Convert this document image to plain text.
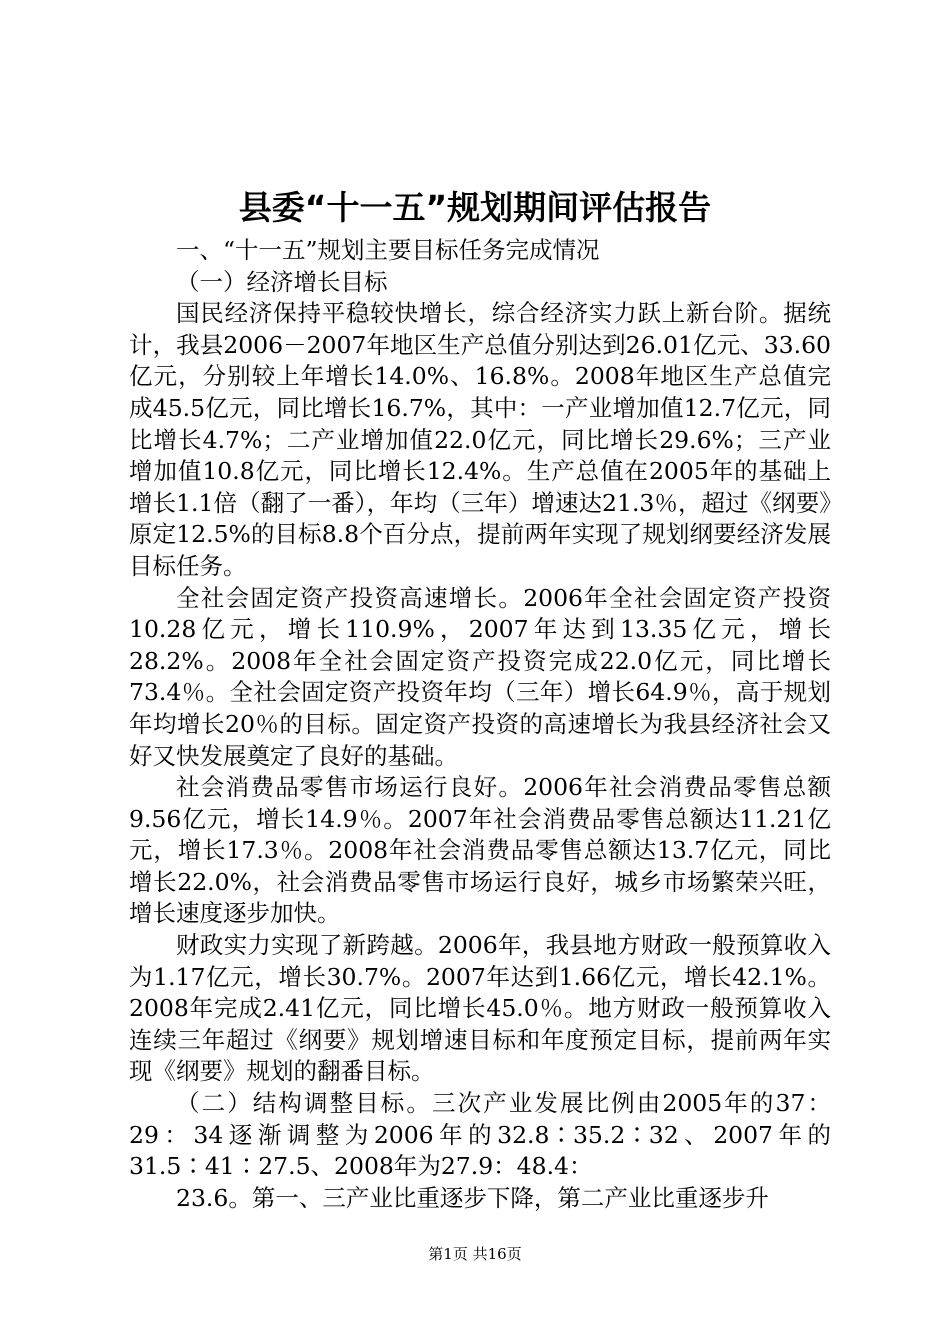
县委“十一五”规划期间评估报告

一、“十一五”规划主要目标任务完成情况

（一）经济增长目标

国民经济保持平稳较快增长，综合经济实力跃上新台阶。据统计，我县2006－2007年地区生产总值分别达到26.01亿元、33.60亿元，分别较上年增长14.0%、16.8%。2008年地区生产总值完成45.5亿元，同比增长16.7%，其中：一产业增加值12.7亿元，同比增长4.7%；二产业增加值22.0亿元，同比增长29.6%；三产业增加值10.8亿元，同比增长12.4%。生产总值在2005年的基础上增长1.1倍（翻了一番），年均（三年）增速达21.3％，超过《纲要》原定12.5%的目标8.8个百分点，提前两年实现了规划纲要经济发展目标任务。

全社会固定资产投资高速增长。2006年全社会固定资产投资10.28亿元，增长110.9%，2007年达到13.35亿元，增长28.2%。2008年全社会固定资产投资完成22.0亿元，同比增长73.4％。全社会固定资产投资年均（三年）增长64.9％，高于规划年均增长20％的目标。固定资产投资的高速增长为我县经济社会又好又快发展奠定了良好的基础。

社会消费品零售市场运行良好。2006年社会消费品零售总额9.56亿元，增长14.9％。2007年社会消费品零售总额达11.21亿元，增长17.3％。2008年社会消费品零售总额达13.7亿元，同比增长22.0%，社会消费品零售市场运行良好，城乡市场繁荣兴旺，增长速度逐步加快。

财政实力实现了新跨越。2006年，我县地方财政一般预算收入为1.17亿元，增长30.7%。2007年达到1.66亿元，增长42.1%。2008年完成2.41亿元，同比增长45.0％。地方财政一般预算收入连续三年超过《纲要》规划增速目标和年度预定目标，提前两年实现《纲要》规划的翻番目标。

（二）结构调整目标。三次产业发展比例由2005年的37：29：34逐渐调整为2006年的32.8∶35.2∶32、2007年的31.5∶41∶27.5、2008年为27.9：48.4：

23.6。第一、三产业比重逐步下降，第二产业比重逐步升

第1页 共16页
